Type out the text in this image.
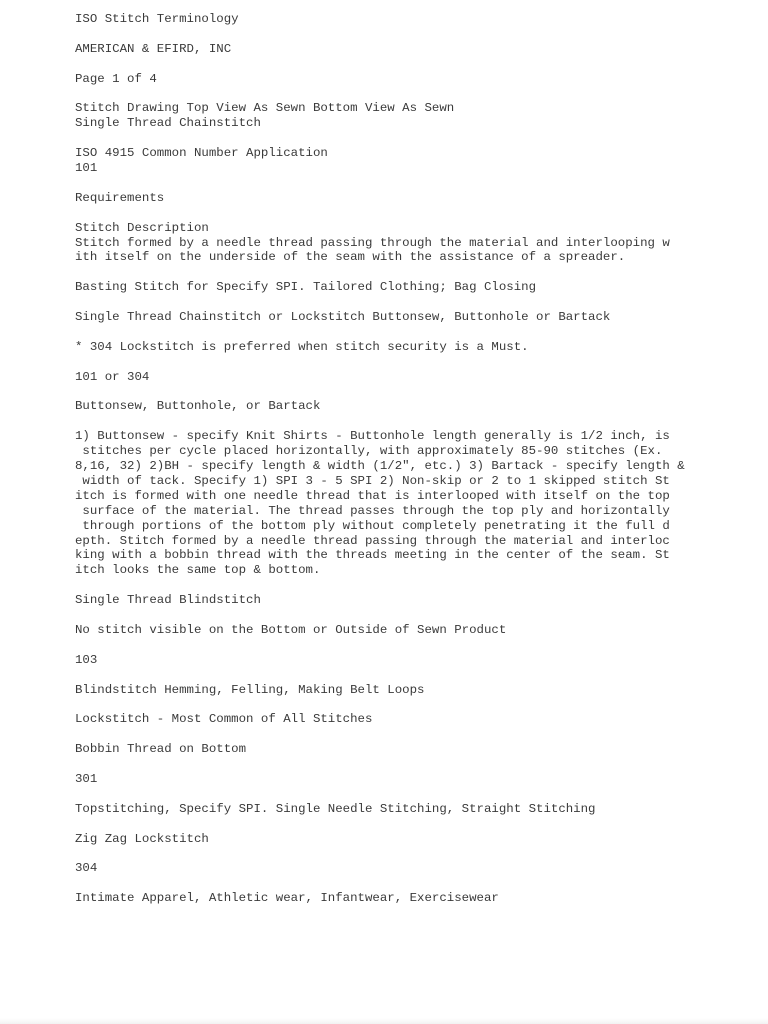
ISO Stitch Terminology
AMERICAN & EFIRD, INC
Page 1 of 4
Stitch Drawing Top View As Sewn Bottom View As Sewn
Single Thread Chainstitch
ISO 4915 Common Number Application
101
Requirements
Stitch Description
Stitch formed by a needle thread passing through the material and interlooping w
ith itself on the underside of the seam with the assistance of a spreader.
Basting Stitch for Specify SPI. Tailored Clothing; Bag Closing
Single Thread Chainstitch or Lockstitch Buttonsew, Buttonhole or Bartack
* 304 Lockstitch is preferred when stitch security is a Must.
101 or 304
Buttonsew, Buttonhole, or Bartack
1) Buttonsew - specify Knit Shirts - Buttonhole length generally is 1/2 inch, is
stitches per cycle placed horizontally, with approximately 85-90 stitches (Ex.
8,16, 32) 2)BH - specify length & width (1/2", etc.) 3) Bartack - specify length &
width of tack. Specify 1) SPI 3 - 5 SPI 2) Non-skip or 2 to 1 skipped stitch St
itch is formed with one needle thread that is interlooped with itself on the top
surface of the material. The thread passes through the top ply and horizontally
through portions of the bottom ply without completely penetrating it the full d
epth. Stitch formed by a needle thread passing through the material and interloc
king with a bobbin thread with the threads meeting in the center of the seam. St
itch looks the same top & bottom.
Single Thread Blindstitch
No stitch visible on the Bottom or Outside of Sewn Product
103
Blindstitch Hemming, Felling, Making Belt Loops
Lockstitch - Most Common of All Stitches
Bobbin Thread on Bottom
301
Topstitching, Specify SPI. Single Needle Stitching, Straight Stitching
Zig Zag Lockstitch
304
Intimate Apparel, Athletic wear, Infantwear, Exercisewear
